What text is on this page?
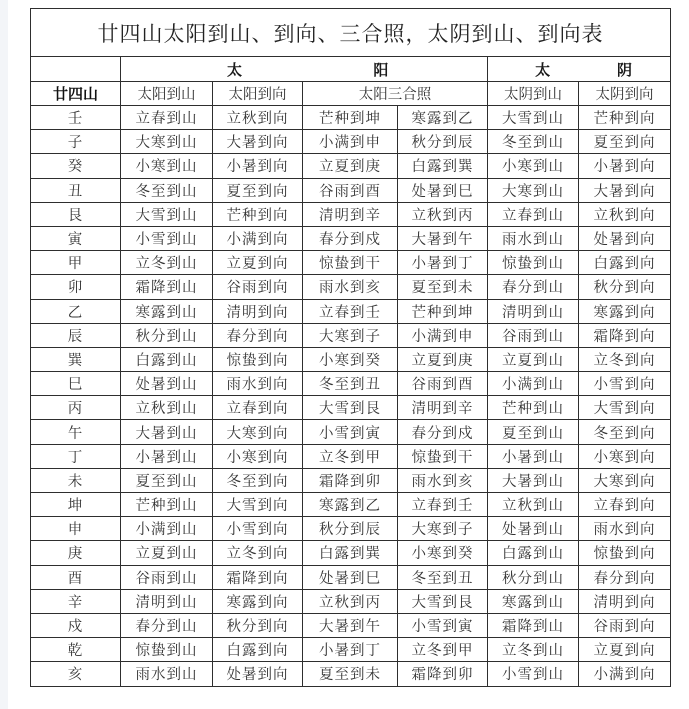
廿四山太阳到山、到向、三合照，太阴到山、到向表						
	太 阳				太 阴	
廿四山	太阳到山	太阳到向	太阳三合照		太阴到山	太阴到向
壬	立春到山	立秋到向	芒种到坤	寒露到乙	大雪到山	芒种到向
子	大寒到山	大暑到向	小满到申	秋分到辰	冬至到山	夏至到向
癸	小寒到山	小暑到向	立夏到庚	白露到巽	小寒到山	小暑到向
丑	冬至到山	夏至到向	谷雨到酉	处暑到巳	大寒到山	大暑到向
艮	大雪到山	芒种到向	清明到辛	立秋到丙	立春到山	立秋到向
寅	小雪到山	小满到向	春分到戍	大暑到午	雨水到山	处暑到向
甲	立冬到山	立夏到向	惊蛰到干	小暑到丁	惊蛰到山	白露到向
卯	霜降到山	谷雨到向	雨水到亥	夏至到未	春分到山	秋分到向
乙	寒露到山	清明到向	立春到壬	芒种到坤	清明到山	寒露到向
辰	秋分到山	春分到向	大寒到子	小满到申	谷雨到山	霜降到向
巽	白露到山	惊蛰到向	小寒到癸	立夏到庚	立夏到山	立冬到向
巳	处暑到山	雨水到向	冬至到丑	谷雨到酉	小满到山	小雪到向
丙	立秋到山	立春到向	大雪到艮	清明到辛	芒种到山	大雪到向
午	大暑到山	大寒到向	小雪到寅	春分到戍	夏至到山	冬至到向
丁	小暑到山	小寒到向	立冬到甲	惊蛰到干	小暑到山	小寒到向
未	夏至到山	冬至到向	霜降到卯	雨水到亥	大暑到山	大寒到向
坤	芒种到山	大雪到向	寒露到乙	立春到壬	立秋到山	立春到向
申	小满到山	小雪到向	秋分到辰	大寒到子	处暑到山	雨水到向
庚	立夏到山	立冬到向	白露到巽	小寒到癸	白露到山	惊蛰到向
酉	谷雨到山	霜降到向	处暑到巳	冬至到丑	秋分到山	春分到向
辛	清明到山	寒露到向	立秋到丙	大雪到艮	寒露到山	清明到向
戍	春分到山	秋分到向	大暑到午	小雪到寅	霜降到山	谷雨到向
乾	惊蛰到山	白露到向	小暑到丁	立冬到甲	立冬到山	立夏到向
亥	雨水到山	处暑到向	夏至到未	霜降到卯	小雪到山	小满到向
